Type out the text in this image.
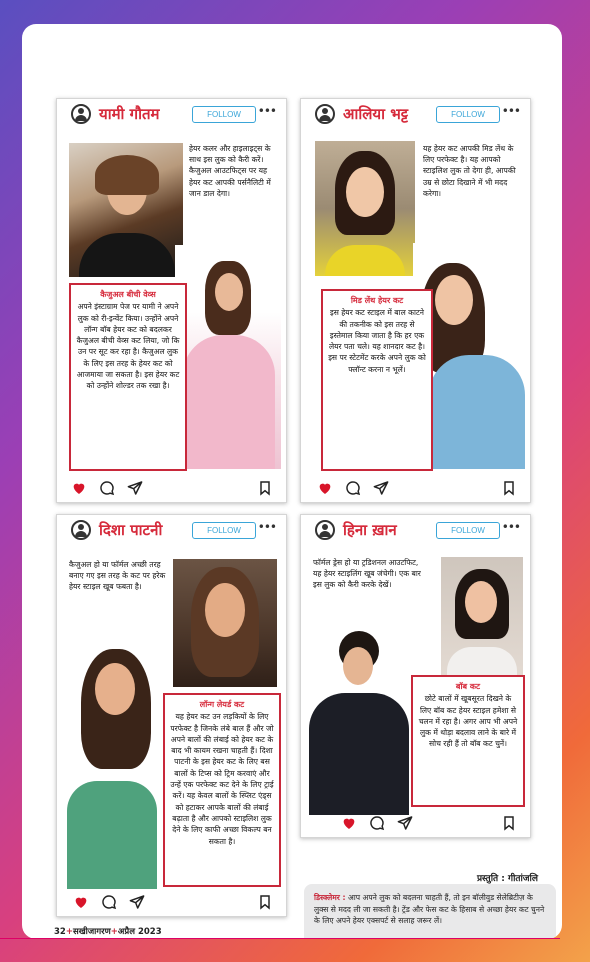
यामी गौतम	FOLLOW	•••
हेयर कलर और हाइलाइट्स के साथ इस लुक को कैरी करें। कैजुअल आउटफिट्स पर यह हेयर कट आपकी पर्सनैलिटी में जान डाल देगा।
कैजुअल बीची वेव्स
अपने इंस्टाग्राम पेज पर यामी ने अपने लुक को री-इन्वेंट किया। उन्होंने अपने लॉन्ग बॉब हेयर कट को बदलकर कैजुअल बीची वेव्स कट लिया, जो कि उन पर सूट कर रहा है। कैजुअल लुक के लिए इस तरह के हेयर कट को आजमाया जा सकता है। इस हेयर कट को उन्होंने शोल्डर तक रखा है।
आलिया भट्ट	FOLLOW	•••
यह हेयर कट आपकी मिड लेंथ के लिए परफेक्ट है। यह आपको स्टाइलिश लुक तो देगा ही, आपकी उम्र से छोटा दिखाने में भी मदद करेगा।
मिड लेंथ हेयर कट
इस हेयर कट स्टाइल में बाल काटने की तकनीक को इस तरह से इस्तेमाल किया जाता है कि हर एक लेयर पता चले। यह शानदार कट है। इस पर स्टेटमेंट करके अपने लुक को फ्लॉन्ट करना न भूलें।
दिशा पाटनी	FOLLOW	•••
कैजुअल हो या फॉर्मल अच्छी तरह बनाए गए इस तरह के कट पर हरेक हेयर स्टाइल खूब फबता है।
लॉन्ग लेयर्ड कट
यह हेयर कट उन लड़कियों के लिए परफेक्ट है जिनके लंबे बाल हैं और जो अपने बालों की लंबाई को हेयर कट के बाद भी कायम रखना चाहती हैं। दिशा पाटनी के इस हेयर कट के लिए बस बालों के टिप्स को ट्रिम करवाएं और उन्हें एक परफेक्ट कट देने के लिए ट्राई करें। यह केवल बालों के स्प्लिट एंड्स को हटाकर आपके बालों की लंबाई बढ़ाता है और आपको स्टाइलिश लुक देने के लिए काफी अच्छा विकल्प बन सकता है।
हिना ख़ान	FOLLOW	•••
फॉर्मल ड्रेस हो या ट्रडिशनल आउटफिट, यह हेयर स्टाइलिंग खूब जंचेगी। एक बार इस लुक को कैरी करके देखें।
बॉब कट
छोटे बालों में खूबसूरत दिखने के लिए बॉब कट हेयर स्टाइल हमेशा से चलन में रहा है। अगर आप भी अपने लुक में थोड़ा बदलाव लाने के बारे में सोच रही हैं तो बॉब कट चुनें।
प्रस्तुति : गीतांजलि
डिस्क्लेमर : आप अपने लुक को बदलना चाहती हैं, तो इन बॉलीवुड सेलेब्रिटीज़ के लुक्स से मदद ली जा सकती है। ट्रेंड और फेस कट के हिसाब से अच्छा हेयर कट चुनने के लिए अपने हेयर एक्सपर्ट से सलाह जरूर लें।
32+सखीजागरण+अप्रैल 2023
